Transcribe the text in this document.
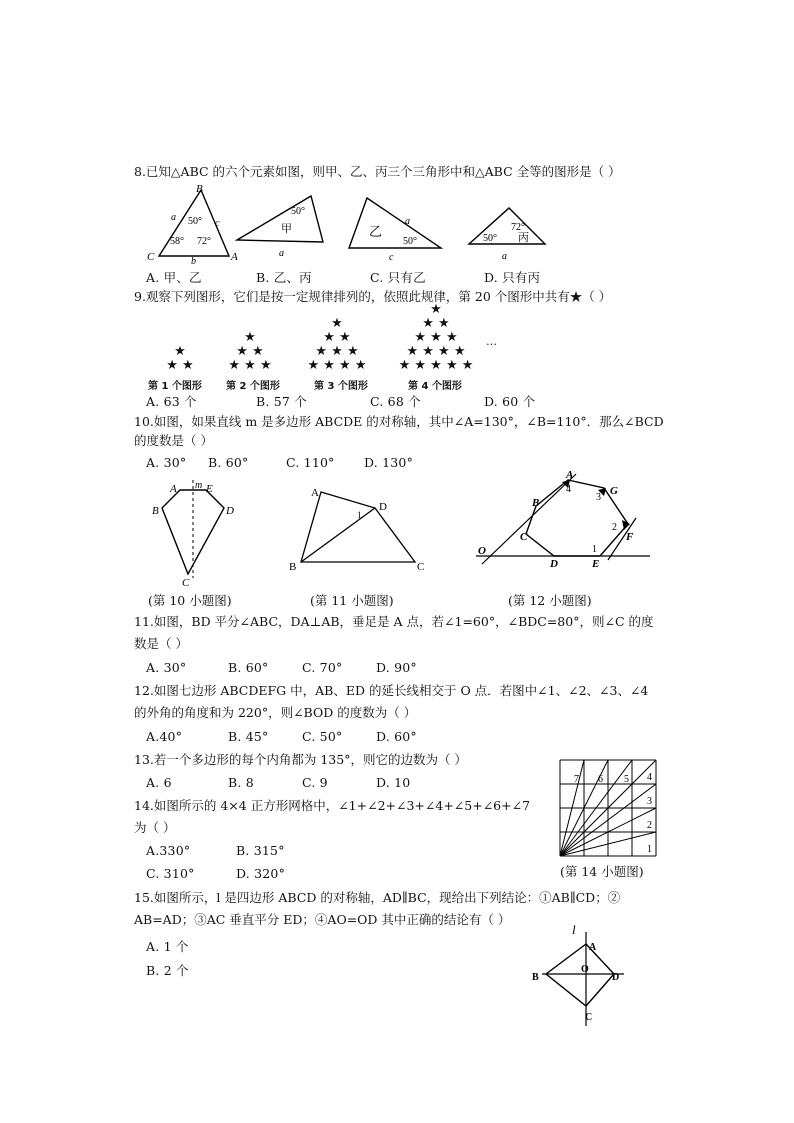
8.已知△ABC 的六个元素如图，则甲、乙、丙三个三角形中和△ABC 全等的图形是（ ）
B
C	A
a
b
c
50°
58° 72°
50°
甲
a
乙
a
50°
c
50°
72°
丙
a
A. 甲、乙	B. 乙、丙	C. 只有乙	D. 只有丙
9.观察下列图形，它们是按一定规律排列的，依照此规律，第 20 个图形中共有★（ ）
★
★ ★
★
★ ★
★ ★ ★
★
★ ★
★ ★ ★
★ ★ ★ ★
★
★ ★
★ ★ ★
★ ★ ★ ★
★ ★ ★ ★ ★
…
第 1 个图形 第 2 个图形	第 3 个图形	第 4 个图形
A. 63 个	B. 57 个	C. 68 个	D. 60 个
10.如图，如果直线 m 是多边形 ABCDE 的对称轴，其中∠A=130°，∠B=110°．那么∠BCD
的度数是（ ）
A. 30° B. 60°	C. 110° D. 130°
A m E
B	D
C
A
D
1
B	C
A
G
B
F
C
D	E
O	1
2
3
4
(第 10 小题图)	(第 11 小题图)	(第 12 小题图)
11.如图，BD 平分∠ABC，DA⊥AB，垂足是 A 点，若∠1=60°，∠BDC=80°，则∠C 的度
数是（ ）
A. 30°	B. 60°	C. 70°	D. 90°
12.如图七边形 ABCDEFG 中，AB、ED 的延长线相交于 O 点．若图中∠1、∠2、∠3、∠4
的外角的角度和为 220°，则∠BOD 的度数为（ ）
A.40°	B. 45°	C. 50°	D. 60°
13.若一个多边形的每个内角都为 135°，则它的边数为（ ）
A. 6	B. 8	C. 9	D. 10
1
2
3
4
5
6
7
(第 14 小题图)
14.如图所示的 4×4 正方形网格中，∠1+∠2+∠3+∠4+∠5+∠6+∠7
为（ ）
A.330°	B. 315°
C. 310°	D. 320°
15.如图所示，l 是四边形 ABCD 的对称轴，AD∥BC，现给出下列结论：①AB∥CD；②
AB=AD；③AC 垂直平分 ED；④AO=OD 其中正确的结论有（ ）
A. 1 个
B. 2 个
l
A
B
O
D
C
